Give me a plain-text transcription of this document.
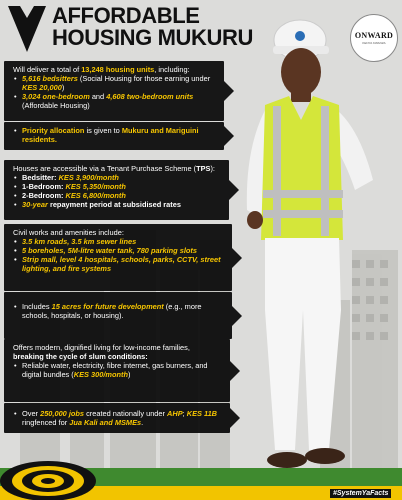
AFFORDABLE
HOUSING MUKURU	ONWARD
KENYA KWANZA
Will deliver a total of 13,248 housing units, including:
• 5,616 bedsitters (Social Housing for those earning under KES 20,000)
• 3,024 one-bedroom and 4,608 two-bedroom units (Affordable Housing)
• Priority allocation is given to Mukuru and Mariguini residents.
Houses are accessible via a Tenant Purchase Scheme (TPS):
• Bedsitter: KES 3,900/month
• 1-Bedroom: KES 5,350/month
• 2-Bedroom: KES 6,800/month
• 30-year repayment period at subsidised rates
Civil works and amenities include:
• 3.5 km roads, 3.5 km sewer lines
• 5 boreholes, 5M-litre water tank, 780 parking slots
• Strip mall, level 4 hospitals, schools, parks, CCTV, street lighting, and fire systems
• Includes 15 acres for future development (e.g., more schools, hospitals, or housing).
Offers modern, dignified living for low-income families, breaking the cycle of slum conditions:
• Reliable water, electricity, fibre internet, gas burners, and digital bundles (KES 300/month)
• Over 250,000 jobs created nationally under AHP; KES 11B ringfenced for Jua Kali and MSMEs.
#SystemYaFacts
